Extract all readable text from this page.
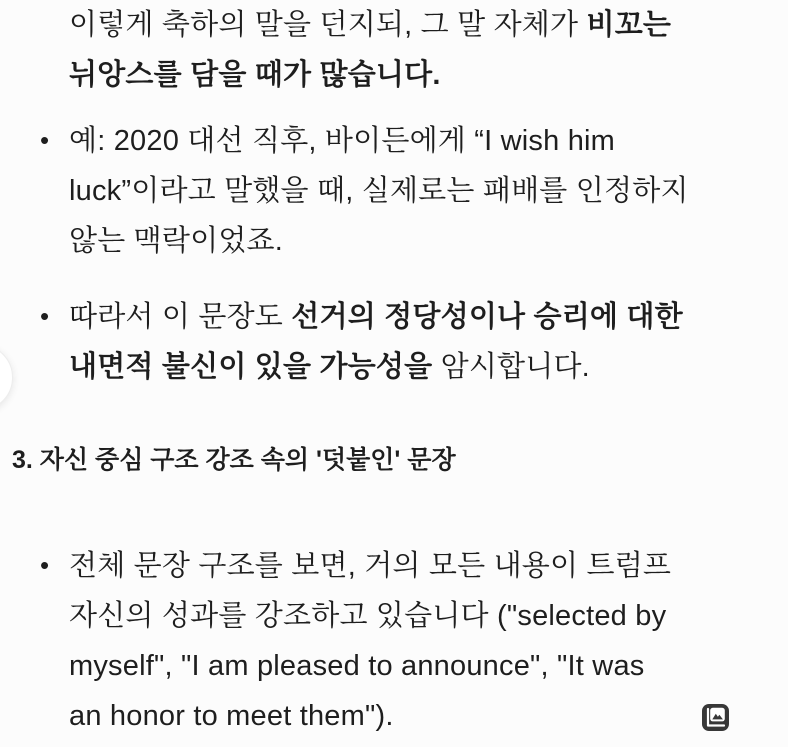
이렇게 축하의 말을 던지되, 그 말 자체가 비꼬는
뉘앙스를 담을 때가 많습니다.
• 예: 2020 대선 직후, 바이든에게 “I wish him
luck”이라고 말했을 때, 실제로는 패배를 인정하지
않는 맥락이었죠.
• 따라서 이 문장도 선거의 정당성이나 승리에 대한
내면적 불신이 있을 가능성을 암시합니다.
3. 자신 중심 구조 강조 속의 '덧붙인' 문장
• 전체 문장 구조를 보면, 거의 모든 내용이 트럼프
자신의 성과를 강조하고 있습니다 ("selected by
myself", "I am pleased to announce", "It was
an honor to meet them").
